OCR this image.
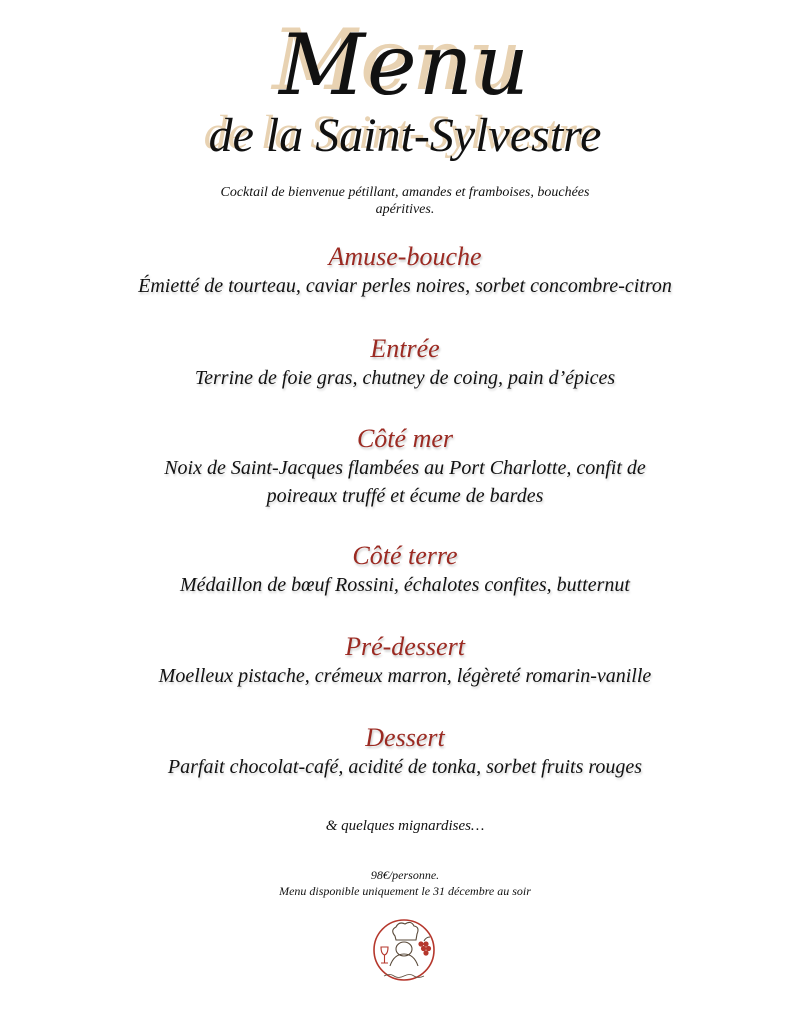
Menu
de la Saint-Sylvestre
Cocktail de bienvenue pétillant, amandes et framboises, bouchées apéritives.
Amuse-bouche
Émietté de tourteau, caviar perles noires, sorbet concombre-citron
Entrée
Terrine de foie gras, chutney de coing, pain d’épices
Côté mer
Noix de Saint-Jacques flambées au Port Charlotte, confit de poireaux truffé et écume de bardes
Côté terre
Médaillon de bœuf Rossini, échalotes confites, butternut
Pré-dessert
Moelleux pistache, crémeux marron, légèreté romarin-vanille
Dessert
Parfait chocolat-café, acidité de tonka, sorbet fruits rouges
& quelques mignardises…
98€/personne.
Menu disponible uniquement le 31 décembre au soir
